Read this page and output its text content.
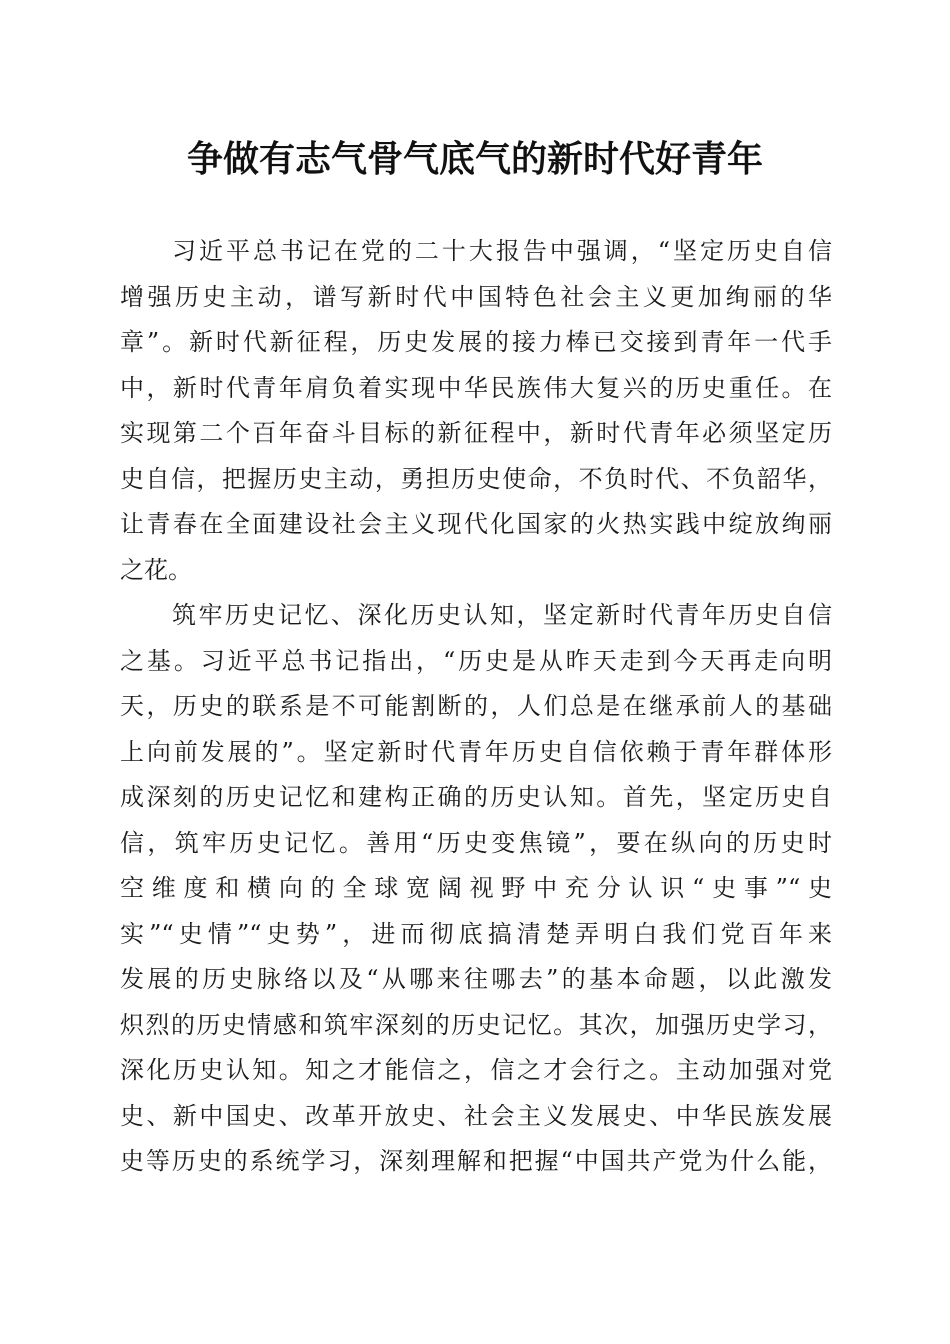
争做有志气骨气底气的新时代好青年
习近平总书记在党的二十大报告中强调，“坚定历史自信
增强历史主动，谱写新时代中国特色社会主义更加绚丽的华
章”。新时代新征程，历史发展的接力棒已交接到青年一代手
中，新时代青年肩负着实现中华民族伟大复兴的历史重任。在
实现第二个百年奋斗目标的新征程中，新时代青年必须坚定历
史自信，把握历史主动，勇担历史使命，不负时代、不负韶华，
让青春在全面建设社会主义现代化国家的火热实践中绽放绚丽
之花。
筑牢历史记忆、深化历史认知，坚定新时代青年历史自信
之基。习近平总书记指出，“历史是从昨天走到今天再走向明
天，历史的联系是不可能割断的，人们总是在继承前人的基础
上向前发展的”。坚定新时代青年历史自信依赖于青年群体形
成深刻的历史记忆和建构正确的历史认知。首先，坚定历史自
信，筑牢历史记忆。善用“历史变焦镜”，要在纵向的历史时
空维度和横向的全球宽阔视野中充分认识“史事”“史
实”“史情”“史势”，进而彻底搞清楚弄明白我们党百年来
发展的历史脉络以及“从哪来往哪去”的基本命题，以此激发
炽烈的历史情感和筑牢深刻的历史记忆。其次，加强历史学习，
深化历史认知。知之才能信之，信之才会行之。主动加强对党
史、新中国史、改革开放史、社会主义发展史、中华民族发展
史等历史的系统学习，深刻理解和把握“中国共产党为什么能，
